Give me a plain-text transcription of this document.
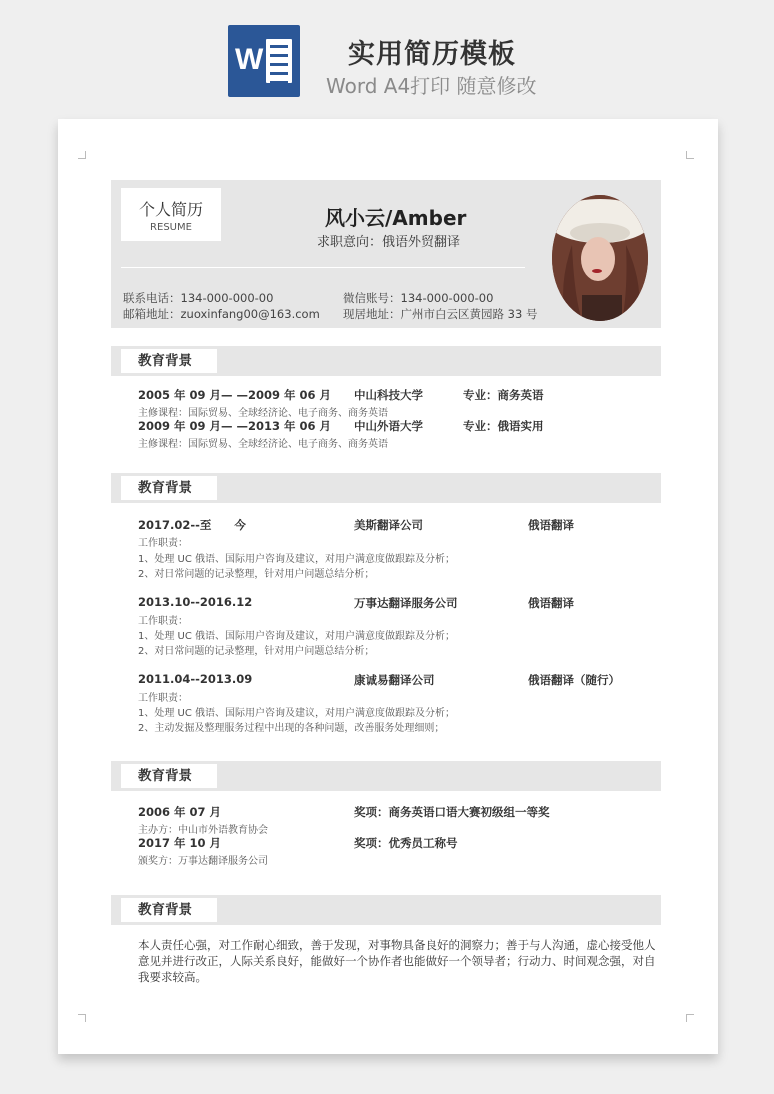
W	实用简历模板
Word A4打印 随意修改
个人简历
RESUME	风小云/Amber
求职意向：俄语外贸翻译
联系电话：134-000-000-00	微信账号：134-000-000-00
邮箱地址：zuoxinfang00@163.com 现居地址：广州市白云区黄园路 33 号
教育背景
2005 年 09 月— —2009 年 06 月 中山科技大学	专业：商务英语
主修课程：国际贸易、全球经济论、电子商务、商务英语
2009 年 09 月— —2013 年 06 月 中山外语大学	专业：俄语实用
主修课程：国际贸易、全球经济论、电子商务、商务英语
教育背景
2017.02--至　　今	美斯翻译公司	俄语翻译
工作职责：
1、处理 UC 俄语、国际用户咨询及建议，对用户满意度做跟踪及分析；
2、对日常问题的记录整理，针对用户问题总结分析；
2013.10--2016.12	万事达翻译服务公司	俄语翻译
工作职责：
1、处理 UC 俄语、国际用户咨询及建议，对用户满意度做跟踪及分析；
2、对日常问题的记录整理，针对用户问题总结分析；
2011.04--2013.09	康诚易翻译公司	俄语翻译（随行）
工作职责：
1、处理 UC 俄语、国际用户咨询及建议，对用户满意度做跟踪及分析；
2、主动发掘及整理服务过程中出现的各种问题，改善服务处理细则；
教育背景
2006 年 07 月	奖项：商务英语口语大赛初级组一等奖
主办方：中山市外语教育协会
2017 年 10 月	奖项：优秀员工称号
颁奖方：万事达翻译服务公司
教育背景
本人责任心强，对工作耐心细致，善于发现，对事物具备良好的洞察力；善于与人沟通，虚心接受他人意见并进行改正，人际关系良好，能做好一个协作者也能做好一个领导者；行动力、时间观念强，对自我要求较高。
